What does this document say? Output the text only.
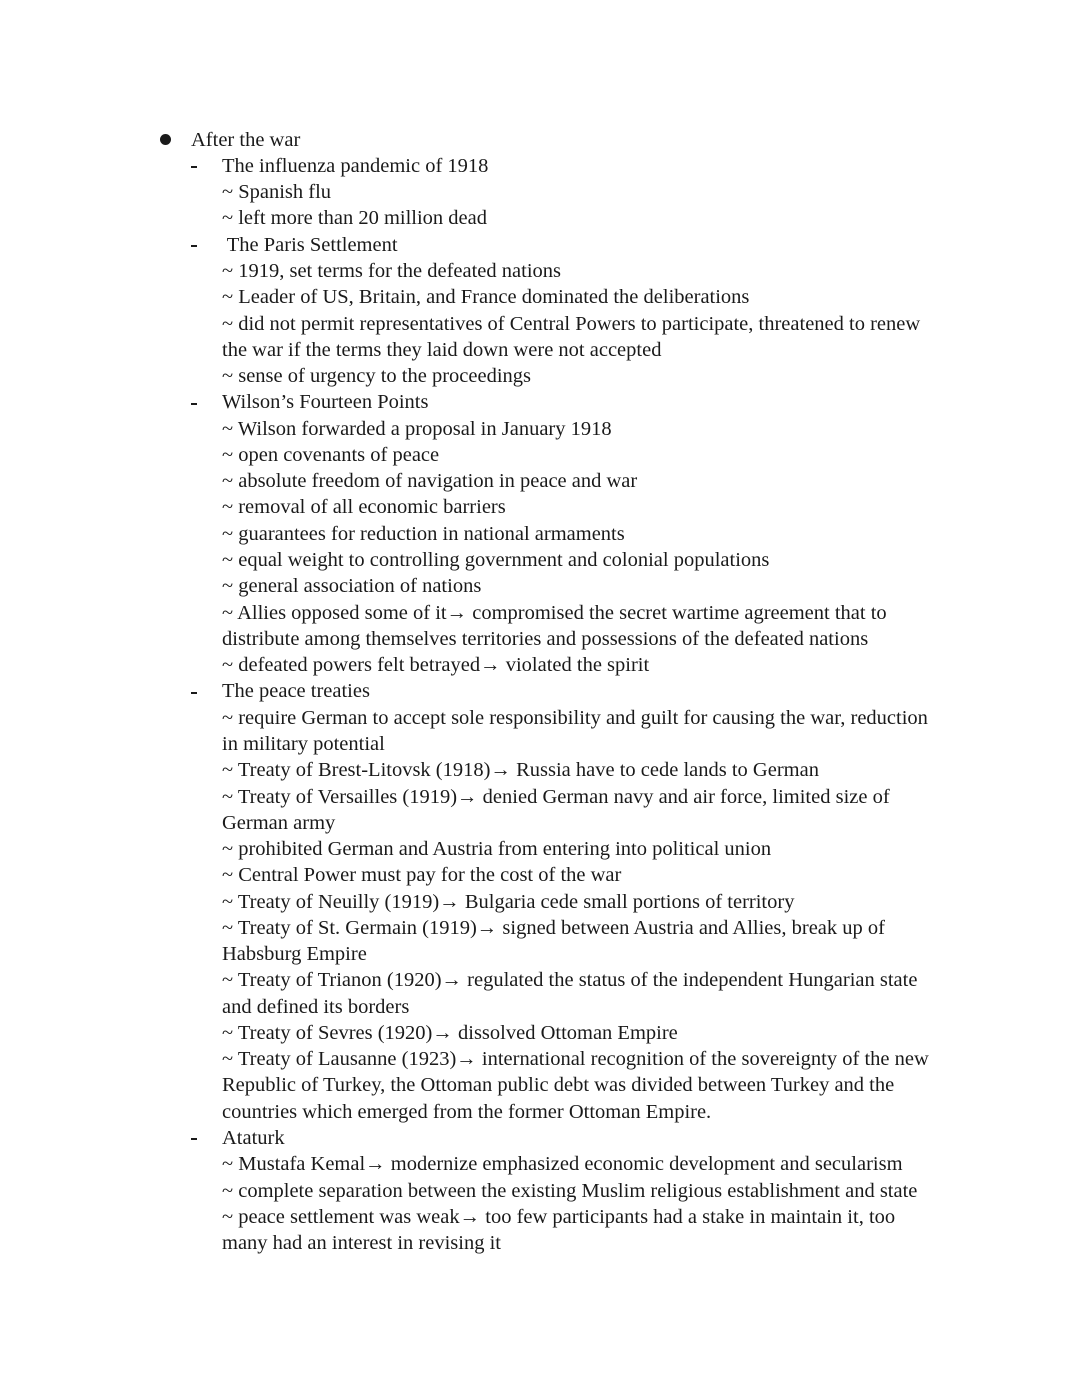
After the war
The influenza pandemic of 1918
~ Spanish flu
~ left more than 20 million dead
The Paris Settlement
~ 1919, set terms for the defeated nations
~ Leader of US, Britain, and France dominated the deliberations
~ did not permit representatives of Central Powers to participate, threatened to renew
the war if the terms they laid down were not accepted
~ sense of urgency to the proceedings
Wilson’s Fourteen Points
~ Wilson forwarded a proposal in January 1918
~ open covenants of peace
~ absolute freedom of navigation in peace and war
~ removal of all economic barriers
~ guarantees for reduction in national armaments
~ equal weight to controlling government and colonial populations
~ general association of nations
~ Allies opposed some of it→ compromised the secret wartime agreement that to
distribute among themselves territories and possessions of the defeated nations
~ defeated powers felt betrayed→ violated the spirit
The peace treaties
~ require German to accept sole responsibility and guilt for causing the war, reduction
in military potential
~ Treaty of Brest-Litovsk (1918)→ Russia have to cede lands to German
~ Treaty of Versailles (1919)→ denied German navy and air force, limited size of
German army
~ prohibited German and Austria from entering into political union
~ Central Power must pay for the cost of the war
~ Treaty of Neuilly (1919)→ Bulgaria cede small portions of territory
~ Treaty of St. Germain (1919)→ signed between Austria and Allies, break up of
Habsburg Empire
~ Treaty of Trianon (1920)→ regulated the status of the independent Hungarian state
and defined its borders
~ Treaty of Sevres (1920)→ dissolved Ottoman Empire
~ Treaty of Lausanne (1923)→ international recognition of the sovereignty of the new
Republic of Turkey, the Ottoman public debt was divided between Turkey and the
countries which emerged from the former Ottoman Empire.
Ataturk
~ Mustafa Kemal→ modernize emphasized economic development and secularism
~ complete separation between the existing Muslim religious establishment and state
~ peace settlement was weak→ too few participants had a stake in maintain it, too
many had an interest in revising it
